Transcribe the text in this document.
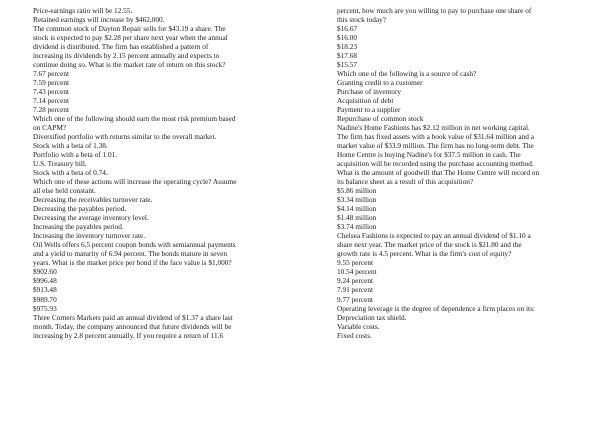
Price-earnings ratio will be 12.55.
Retained earnings will increase by $462,000.
The common stock of Dayton Repair sells for $43.19 a share. The
stock is expected to pay $2.28 per share next year when the annual
dividend is distributed. The firm has established a pattern of
increasing its dividends by 2.15 percent annually and expects to
continue doing so. What is the market rate of return on this stock?
7.67 percent
7.59 percent
7.43 percent
7.14 percent
7.28 percent
Which one of the following should earn the most risk premium based
on CAPM?
Diversified portfolio with returns similar to the overall market.
Stock with a beta of 1.38.
Portfolio with a beta of 1.01.
U.S. Treasury bill.
Stock with a beta of 0.74.
Which one of these actions will increase the operating cycle? Assume
all else held constant.
Decreasing the receivables turnover rate.
Decreasing the payables period.
Decreasing the average inventory level.
Increasing the payables period.
Increasing the inventory turnover rate.
Oil Wells offers 6.5 percent coupon bonds with semiannual payments
and a yield to maturity of 6.94 percent. The bonds mature in seven
years. What is the market price per bond if the face value is $1,000?
$902.60
$996.48
$913.48
$989.70
$975.93
Three Corners Markets paid an annual dividend of $1.37 a share last
month. Today, the company announced that future dividends will be
increasing by 2.8 percent annually. If you require a return of 11.6
percent, how much are you willing to pay to purchase one share of
this stock today?
$16.67
$16.00
$18.23
$17.68
$15.57
Which one of the following is a source of cash?
Granting credit to a customer
Purchase of inventory
Acquisition of debt
Payment to a supplier
Repurchase of common stock
Nadine's Home Fashions has $2.12 million in net working capital.
The firm has fixed assets with a book value of $31.64 million and a
market value of $33.9 million. The firm has no long-term debt. The
Home Centre is buying Nadine's for $37.5 million in cash. The
acquisition will be recorded using the purchase accounting method.
What is the amount of goodwill that The Home Centre will record on
its balance sheet as a result of this acquisition?
$5.86 million
$3.34 million
$4.14 million
$1.48 million
$3.74 million
Chelsea Fashions is expected to pay an annual dividend of $1.10 a
share next year. The market price of the stock is $21.80 and the
growth rate is 4.5 percent. What is the firm's cost of equity?
9.55 percent
10.54 percent
9.24 percent
7.91 percent
9.77 percent
Operating leverage is the degree of dependence a firm places on its:
Depreciation tax shield.
Variable costs.
Fixed costs.
